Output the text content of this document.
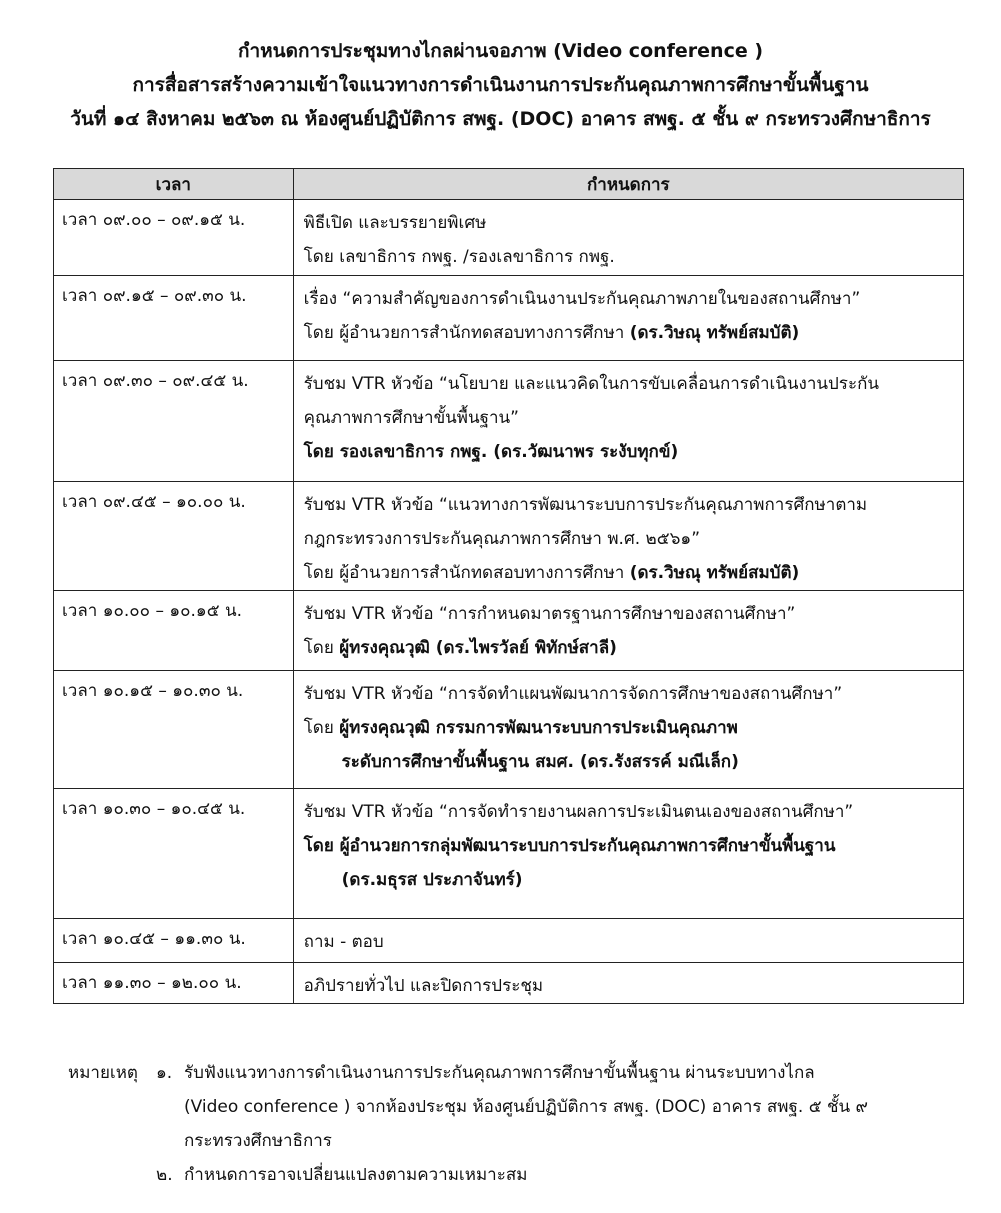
กำหนดการประชุมทางไกลผ่านจอภาพ (Video conference )
การสื่อสารสร้างความเข้าใจแนวทางการดำเนินงานการประกันคุณภาพการศึกษาขั้นพื้นฐาน
วันที่ ๑๔ สิงหาคม ๒๕๖๓ ณ ห้องศูนย์ปฏิบัติการ สพฐ. (DOC) อาคาร สพฐ. ๕ ชั้น ๙ กระทรวงศึกษาธิการ
เวลา	กำหนดการ
เวลา ๐๙.๐๐ – ๐๙.๑๕ น.	พิธีเปิด และบรรยายพิเศษ
โดย เลขาธิการ กพฐ. /รองเลขาธิการ กพฐ.

เวลา ๐๙.๑๕ – ๐๙.๓๐ น.	เรื่อง “ความสำคัญของการดำเนินงานประกันคุณภาพภายในของสถานศึกษา”
โดย ผู้อำนวยการสำนักทดสอบทางการศึกษา (ดร.วิษณุ ทรัพย์สมบัติ)

เวลา ๐๙.๓๐ – ๐๙.๔๕ น.	รับชม VTR หัวข้อ “นโยบาย และแนวคิดในการขับเคลื่อนการดำเนินงานประกัน
คุณภาพการศึกษาขั้นพื้นฐาน”
โดย รองเลขาธิการ กพฐ. (ดร.วัฒนาพร ระงับทุกข์)

เวลา ๐๙.๔๕ – ๑๐.๐๐ น.	รับชม VTR หัวข้อ “แนวทางการพัฒนาระบบการประกันคุณภาพการศึกษาตาม
กฎกระทรวงการประกันคุณภาพการศึกษา พ.ศ. ๒๕๖๑”
โดย ผู้อำนวยการสำนักทดสอบทางการศึกษา (ดร.วิษณุ ทรัพย์สมบัติ)

เวลา ๑๐.๐๐ – ๑๐.๑๕ น.	รับชม VTR หัวข้อ “การกำหนดมาตรฐานการศึกษาของสถานศึกษา”
โดย ผู้ทรงคุณวุฒิ (ดร.ไพรวัลย์ พิทักษ์สาลี)

เวลา ๑๐.๑๕ – ๑๐.๓๐ น.	รับชม VTR หัวข้อ “การจัดทำแผนพัฒนาการจัดการศึกษาของสถานศึกษา”
โดย ผู้ทรงคุณวุฒิ กรรมการพัฒนาระบบการประเมินคุณภาพ
ระดับการศึกษาขั้นพื้นฐาน สมศ. (ดร.รังสรรค์ มณีเล็ก)

เวลา ๑๐.๓๐ – ๑๐.๔๕ น.	รับชม VTR หัวข้อ “การจัดทำรายงานผลการประเมินตนเองของสถานศึกษา”
โดย ผู้อำนวยการกลุ่มพัฒนาระบบการประกันคุณภาพการศึกษาขั้นพื้นฐาน
(ดร.มธุรส ประภาจันทร์)

เวลา ๑๐.๔๕ – ๑๑.๓๐ น.	ถาม - ตอบ

เวลา ๑๑.๓๐ – ๑๒.๐๐ น.	อภิปรายทั่วไป และปิดการประชุม
หมายเหตุ	๑. รับฟังแนวทางการดำเนินงานการประกันคุณภาพการศึกษาขั้นพื้นฐาน ผ่านระบบทางไกล
(Video conference ) จากห้องประชุม ห้องศูนย์ปฏิบัติการ สพฐ. (DOC) อาคาร สพฐ. ๕ ชั้น ๙
กระทรวงศึกษาธิการ
๒. กำหนดการอาจเปลี่ยนแปลงตามความเหมาะสม
